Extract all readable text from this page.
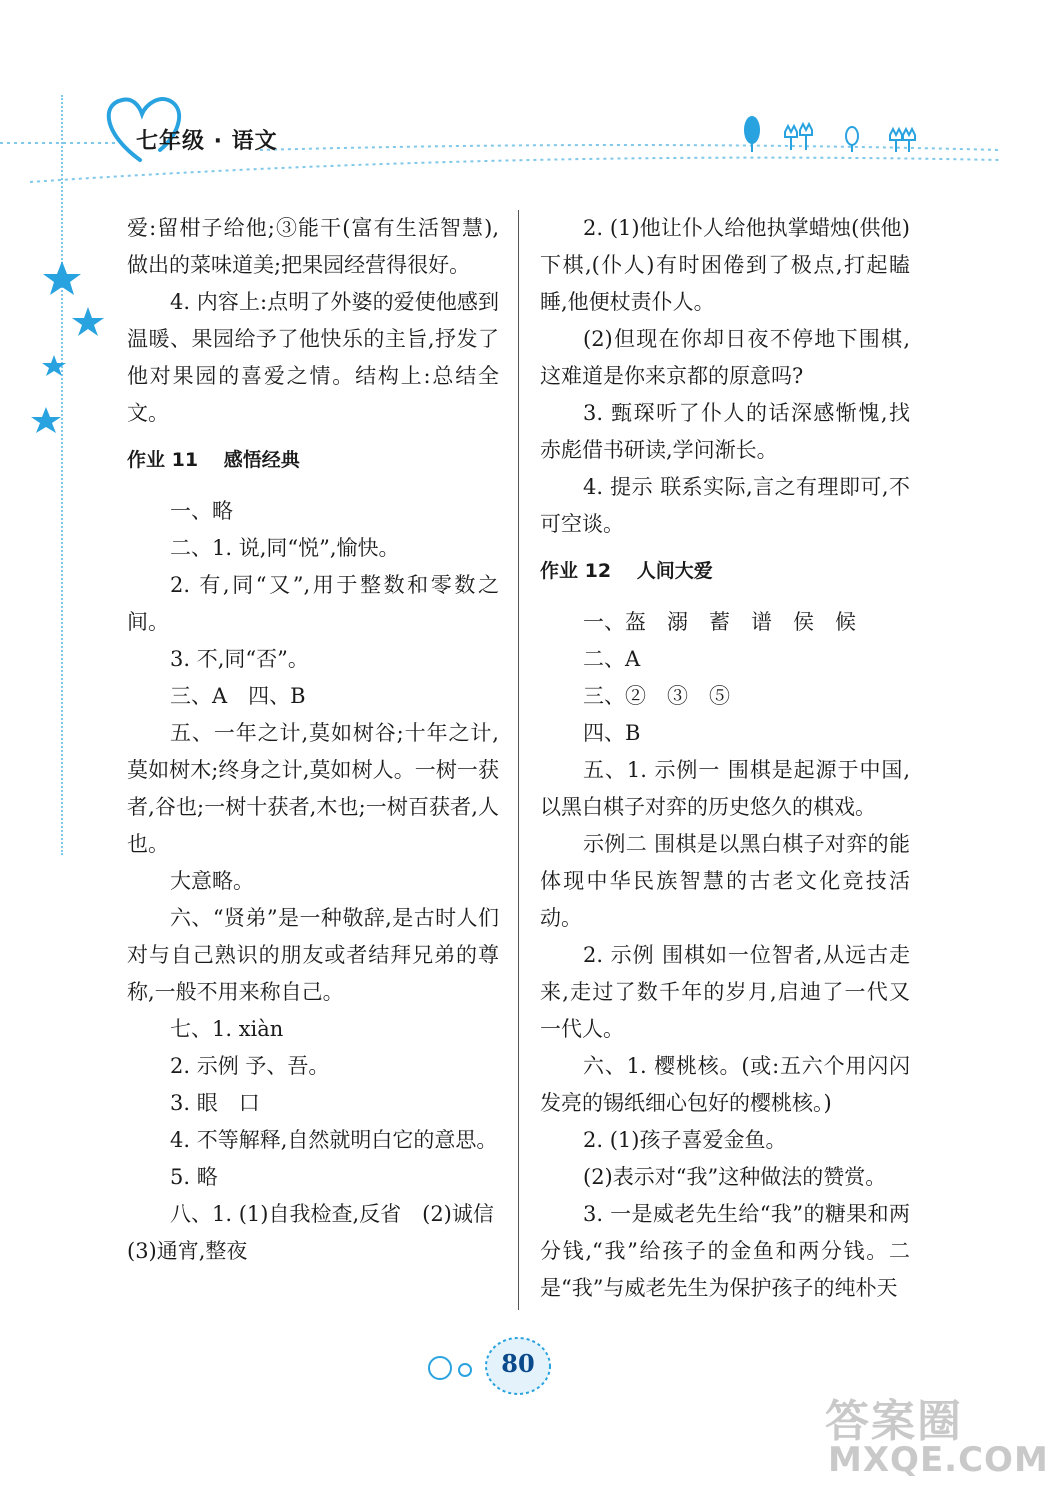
七年级 · 语文

爱:留柑子给他;③能干(富有生活智慧),做出的菜味道美;把果园经营得很好。

4. 内容上:点明了外婆的爱使他感到温暖、果园给予了他快乐的主旨,抒发了他对果园的喜爱之情。结构上:总结全文。

作业 11　 感悟经典

一、略

二、1. 说,同“悦”,愉快。

2. 有,同“又”,用于整数和零数之间。

3. 不,同“否”。

三、A　四、B

五、一年之计,莫如树谷;十年之计,莫如树木;终身之计,莫如树人。一树一获者,谷也;一树十获者,木也;一树百获者,人也。

大意略。

六、“贤弟”是一种敬辞,是古时人们对与自己熟识的朋友或者结拜兄弟的尊称,一般不用来称自己。

七、1. xiàn

2. 示例 予、吾。

3. 眼　口

4. 不等解释,自然就明白它的意思。

5. 略

八、1. (1)自我检查,反省　(2)诚信

(3)通宵,整夜

2. (1)他让仆人给他执掌蜡烛(供他)下棋,(仆人)有时困倦到了极点,打起瞌睡,他便杖责仆人。

(2)但现在你却日夜不停地下围棋,这难道是你来京都的原意吗?

3. 甄琛听了仆人的话深感惭愧,找赤彪借书研读,学问渐长。

4. 提示 联系实际,言之有理即可,不可空谈。

作业 12　 人间大爱

一、盔　溺　蓄　谱　侯　候

二、A

三、②　③　⑤

四、B

五、1. 示例一 围棋是起源于中国,以黑白棋子对弈的历史悠久的棋戏。

示例二 围棋是以黑白棋子对弈的能体现中华民族智慧的古老文化竞技活动。

2. 示例 围棋如一位智者,从远古走来,走过了数千年的岁月,启迪了一代又一代人。

六、1. 樱桃核。(或:五六个用闪闪发亮的锡纸细心包好的樱桃核。)

2. (1)孩子喜爱金鱼。

(2)表示对“我”这种做法的赞赏。

3. 一是威老先生给“我”的糖果和两分钱,“我”给孩子的金鱼和两分钱。二是“我”与威老先生为保护孩子的纯朴天

80
答案圈
MXQE.COM
